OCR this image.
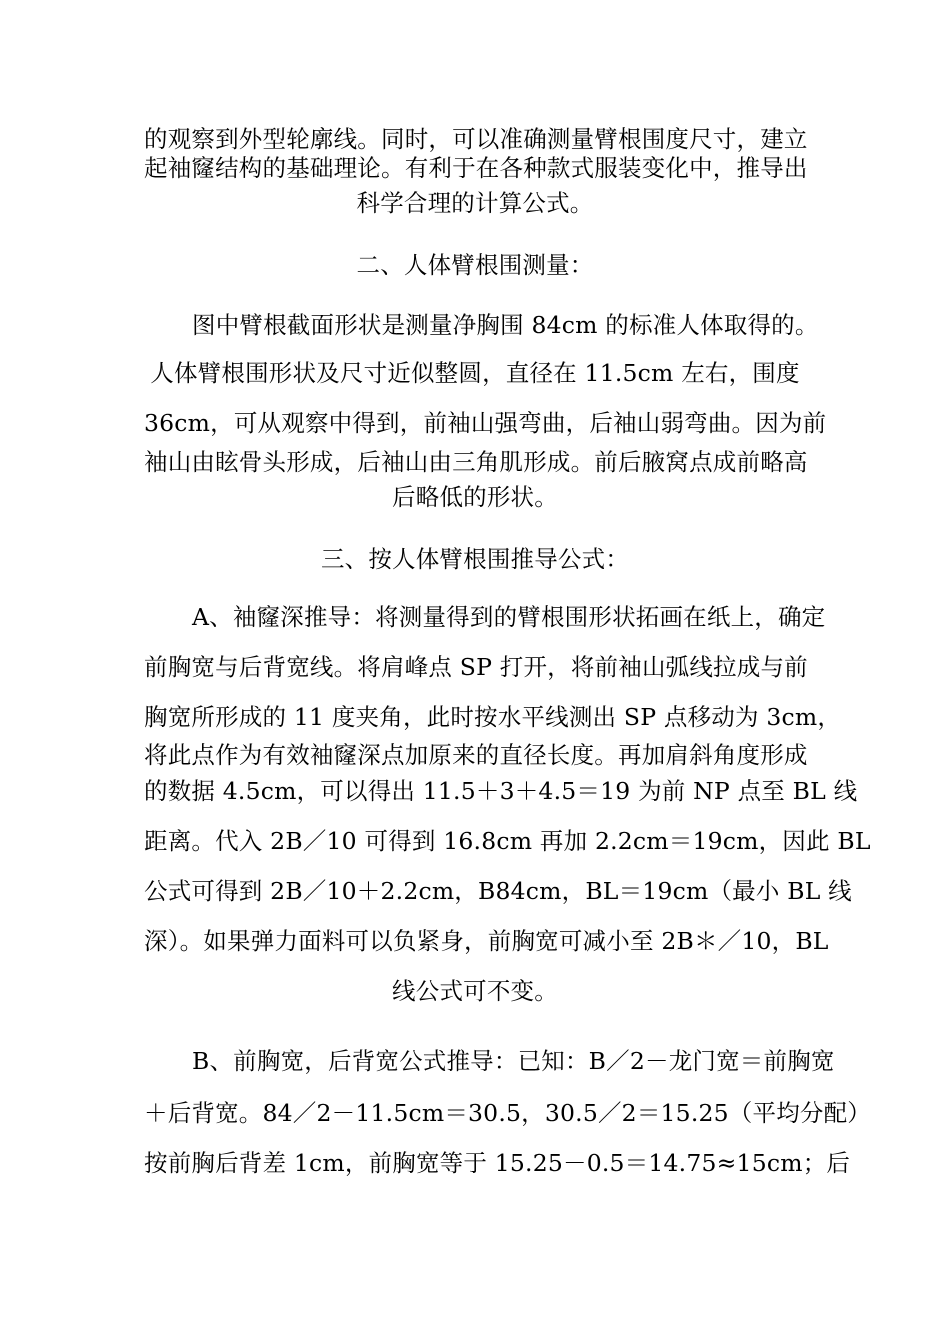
的观察到外型轮廓线。同时，可以准确测量臂根围度尺寸，建立
起袖窿结构的基础理论。有利于在各种款式服装变化中，推导出
科学合理的计算公式。
二、人体臂根围测量：
图中臂根截面形状是测量净胸围 84cm 的标准人体取得的。
人体臂根围形状及尺寸近似整圆，直径在 11.5cm 左右，围度
36cm，可从观察中得到，前袖山强弯曲，后袖山弱弯曲。因为前
袖山由眩骨头形成，后袖山由三角肌形成。前后腋窝点成前略高
后略低的形状。
三、按人体臂根围推导公式：
A、袖窿深推导：将测量得到的臂根围形状拓画在纸上，确定
前胸宽与后背宽线。将肩峰点 SP 打开，将前袖山弧线拉成与前
胸宽所形成的 11 度夹角，此时按水平线测出 SP 点移动为 3cm，
将此点作为有效袖窿深点加原来的直径长度。再加肩斜角度形成
的数据 4.5cm，可以得出 11.5＋3＋4.5＝19 为前 NP 点至 BL 线
距离。代入 2B／10 可得到 16.8cm 再加 2.2cm＝19cm，因此 BL
公式可得到 2B／10＋2.2cm，B84cm，BL＝19cm（最小 BL 线
深）。如果弹力面料可以负紧身，前胸宽可减小至 2B＊／10，BL
线公式可不变。
B、前胸宽，后背宽公式推导：已知：B／2－龙门宽＝前胸宽
＋后背宽。84／2－11.5cm＝30.5，30.5／2＝15.25（平均分配）
按前胸后背差 1cm，前胸宽等于 15.25－0.5＝14.75≈15cm；后
